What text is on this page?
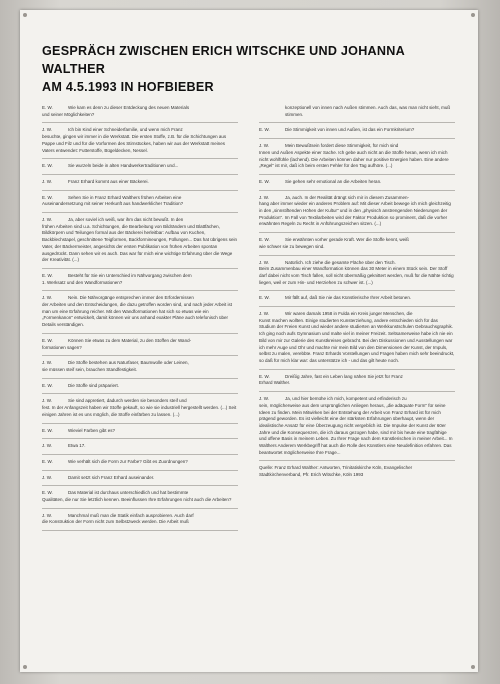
GESPRÄCH ZWISCHEN ERICH WITSCHKE UND JOHANNA WALTHER
AM 4.5.1993 IN HOFBIEBER
E. W.	Wie kam es denn zu dieser Entdeckung des neuen Materials
und seiner Möglichkeiten?
J. W.	Ich bin Kind einer Schneiderfamilie, und wenn mich Franz
besuchte, gingen wir immer in die Werkstatt. Die ersten Stoffe, z.B. für die Schichtungen aus Pappe und Filz und für die Vorformen des Stirnstückes, haben wir aus der Werkstatt meines Vaters entwendet: Futterstoffe, Bügeldecken, Nessel.
E. W.	Sie wurzeln beide in alten Handwerkertraditionen und...
J. W.	Franz Erhard kommt aus einer Bäckerei.
E. W.	Sehen Sie in Franz Erhard Walthers frühen Arbeiten eine
Auseinandersetzung mit seiner Herkunft aus handwerklicher Tradition?
J. W.	Ja, aber soviel ich weiß, war ihm das nicht bewußt. In den
frühen Arbeiten sind u.a. Schichtungen, die Bearbeitung von Bildrändern und Blattfächen, Bildkörpern und Teilungen formal aus der Bäckerei herleitbar: Aufbau von Kuchen, Backblechstapel, geschnittene Teigformen, Backformineungen, Füllungen... Das hat übrigens sein Vater, der Bäckermeister, angesichts der ersten Publikation von frühen Arbeiten spontan ausgedrückt. Dann sehen wir es auch. Das war für mich eine wichtige Erfahrung über die Wege der Kreativität. (...)
E. W.	Besteht für Sie ein Unterschied im Nähvorgang zwischen dem
1. Werksatz und den Wandformationen?
J. W.	Nein. Die Nähvorgänge entsprechen immer den Erfordernissen
der Arbeiten und den Entscheidungen, die dazu getroffen worden sind, und nach jeder Arbeit ist man um eine Erfahrung reicher. Mit den Wandformationen hat sich so etwas wie ein „Formenkanon" entwickelt, damit können wir uns anhand exakter Pläne auch telefonisch über Details verständigen.
E. W.	Können Sie etwas zu dem Material, zu den Stoffen der Wand-
formationen sagen?
J. W.	Die Stoffe bestehen aus Naturfaser, Baumwolle oder Leinen,
sie müssen steif sein, brauchen Standfestigkeit.
E. W.	Die Stoffe sind präpariert.
J. W.	Sie sind appretiert, dadurch werden sie besonders steif und
fest. In der Anfangszeit haben wir Stoffe gekauft, so wie sie industriell hergestellt werden. (...) Seit einigen Jahren ist es uns möglich, die Stoffe einfärben zu lassen. (...)
E. W.	Wieviel Farben gibt es?
J. W.	Etwa 17.
E. W.	Wie verhält sich die Form zur Farbe? Gibt es Zuordnungen?
J. W.	Damit setzt sich Franz Erhard auseinander.
E. W.	Das Material ist durchaus unterschiedlich und hat bestimmte
Qualitäten, die nur Sie letztlich kennen. Beeinflussen Ihre Erfahrungen nicht auch die Arbeiten?
J. W.	Manchmal muß man die Statik einfach ausprobieren. Auch darf
die Konstruktion der Form nicht zum Selbstzweck werden. Die Arbeit muß
konzeptionell von innen nach Außen stimmen. Auch das, was man nicht sieht, muß stimmen.
E. W.	Die Stimmigkeit von innen und Außen, ist das ein Formkriterium?
J. W.	Mein Bewußtsein fordert diese Stimmigkeit, für mich sind
Innen und Außen Aspekte einer Sache. Ich gebe auch nicht an die Stoffe heran, wenn ich mich nicht wohlfühle (lachend). Die Arbeiten können daher nur positive Energien haben. Eine andere „Regel" ist mir, daß ich beim ersten Fehler für den Tag aufhöre. (...)
E. W.	Sie gehen sehr emotional an die Arbeiten heran.
J. W.	Ja, auch. In der Realität drängt sich mir in diesem Zusammen-
hang aber immer wieder ein anderes Problem auf: Mit dieser Arbeit bewege ich mich gleichzeitig in den „sinnstiftenden Höhen der Kultur" und in den „physisch anstrengenden Niederungen der Produktion". Im Fall von Textilarbeiten wird der Faktor Produktion so prominent, daß die vorher erwähnten Regeln zu Recht in Anführungszeichen sitzen. (...)
E. W.	Sie erwähnten vorher gerade Kraft. Wer die Stoffe kennt, weiß
wie schwer sie zu bewegen sind.
J. W.	Natürlich. Ich ziehe die gesamte Fläche über den Tisch.
Beim Zusammenbau einer Wandformation können das 30 Meter in einem Stück sein. Der Stoff darf dabei nicht vom Tisch fallen, soll nicht übermäßig geknittert werden, muß für die Nähte richtig liegen, weil er zum Hin- und Herziehen zu schwer ist. (...)
E. W.	Mir fällt auf, daß Sie nie das Künstlerische Ihrer Arbeit betonen.
J. W.	Wir waren damals 1958 in Fulda ein Kreis junger Menschen, die
Kunst machen wollten. Einige studierten Kunsterziehung, andere entschieden sich für das Studium der Freien Kunst und wieder andere studierten an Werkkunstschulen Gebrauchsgraphik. Ich ging noch aufs Gymnasium und malte viel in meiner Freizeit. Seltsamerweise habe ich nie ein Bild von mir zur Galerie des Kunstkreises gebracht. Bei den Diskussionen und Ausstellungen war ich mehr Auge und Ohr und machte mir mein Bild von den Dimensionen der Kunst, der Impuls, selbst zu malen, verebbte. Franz Erhards Vorstellungen und Fragen haben mich sehr beeindruckt, so daß für mich klar war: das unterstütze ich - und das gilt heute noch.
E. W.	Dreißig Jahre, fast ein Leben lang nähen Sie jetzt für Franz
Erhard Walther.
J. W.	Ja, und hier bemühe ich mich, kompetent und erfinderisch zu
sein, möglicherweise aus dem ursprünglichen Anliegen heraus, „die adäquate Form" für seine Ideen zu finden. Mein Mitwirken bei der Entstehung der Arbeit von Franz Erhard ist für mich prägend geworden. Es ist vielleicht eine der stärksten Erfahrungen überhaupt, wenn der idealistische Ansatz für eine Überzeugung nicht vergeblich ist. Die Impulse der Kunst der 60er Jahre und die Konsequenzen, die ich daraus gezogen habe, sind mir bis heute eine tragfähige und offene Basis in meinem Leben. Zu Ihrer Frage nach dem Künstlerischen in meiner Arbeit... In Walthers Anderem Werkbegriff hat auch die Rolle des Künstlers eine Neudefinition erfahren. Das beantwortet möglicherweise Ihre Frage...
Quelle: Franz Erhard Walther: Antworten, Trinitatiskirche Köln, Evangelischer
Stadtkirchenverband, Pfr. Erich Witschke, Köln 1993
